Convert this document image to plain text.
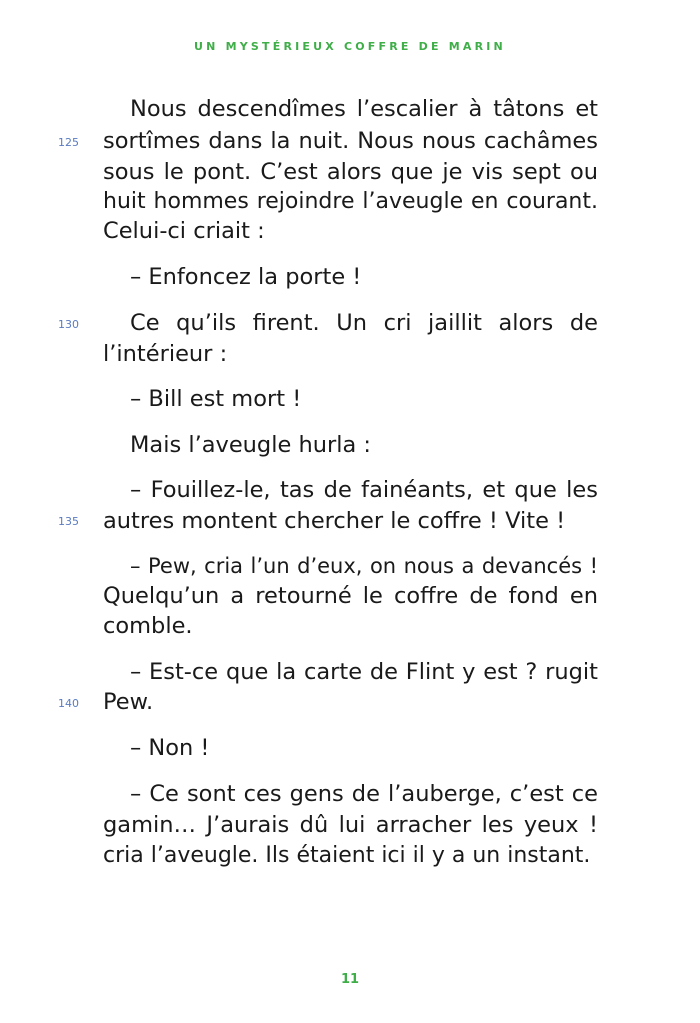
UN MYSTÉRIEUX COFFRE DE MARIN
Nous descendîmes l’escalier à tâtons et
125	sortîmes dans la nuit. Nous nous cachâmes
sous le pont. C’est alors que je vis sept ou
huit hommes rejoindre l’aveugle en courant.
Celui-ci criait :
– Enfoncez la porte !
130	Ce qu’ils firent. Un cri jaillit alors de
l’intérieur :
– Bill est mort !
Mais l’aveugle hurla :
– Fouillez-le, tas de fainéants, et que les
135	autres montent chercher le coffre ! Vite !
– Pew, cria l’un d’eux, on nous a devancés !
Quelqu’un a retourné le coffre de fond en
comble.
– Est-ce que la carte de Flint y est ? rugit
140	Pew.
– Non !
– Ce sont ces gens de l’auberge, c’est ce
gamin… J’aurais dû lui arracher les yeux !
cria l’aveugle. Ils étaient ici il y a un instant.
11
